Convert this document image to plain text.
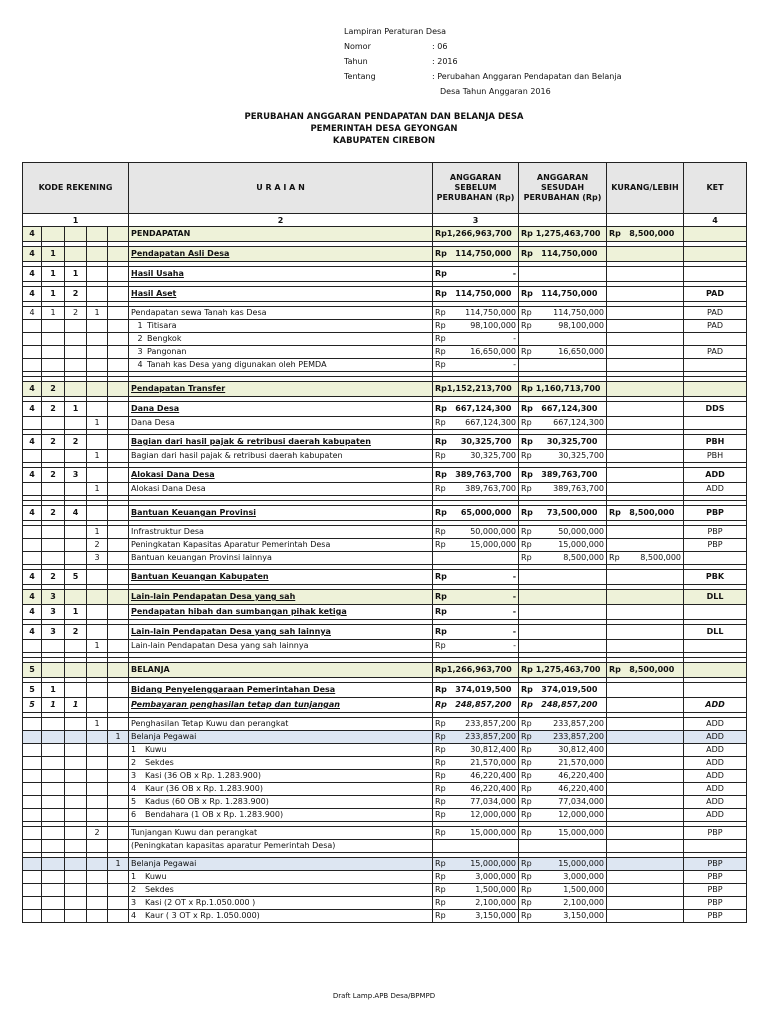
Lampiran Peraturan Desa
Nomor	: 06
Tahun	: 2016
Tentang	: Perubahan Anggaran Pendapatan dan Belanja
Desa Tahun Anggaran 2016
PERUBAHAN ANGGARAN PENDAPATAN DAN BELANJA DESA
PEMERINTAH DESA GEYONGAN
KABUPATEN CIREBON
KODE REKENING					U R A I A N	ANGGARAN SEBELUM PERUBAHAN (Rp)	ANGGARAN SESUDAH PERUBAHAN (Rp)	KURANG/LEBIH	KET
1					2	3			4
4					PENDAPATAN	Rp1,266,963,700	Rp 1,275,463,700	Rp   8,500,000	

4	1				Pendapatan Asli Desa	Rp   114,750,000	Rp   114,750,000		

4	1	1			Hasil Usaha	Rp -			

4	1	2			Hasil Aset	Rp   114,750,000	Rp   114,750,000		PAD

4	1	2	1		Pendapatan sewa Tanah kas Desa	Rp 114,750,000	Rp 114,750,000		PAD
					1 Titisara	Rp 98,100,000	Rp 98,100,000		PAD
					2 Bengkok	Rp -			

					3 Pangonan	Rp 16,650,000	Rp 16,650,000		PAD
					4 Tanah kas Desa yang digunakan oleh PEMDA	Rp -			

4	2				Pendapatan Transfer	Rp1,152,213,700	Rp 1,160,713,700		

4	2	1			Dana Desa	Rp   667,124,300	Rp   667,124,300		DDS
			1		Dana Desa	Rp 667,124,300	Rp 667,124,300		

4	2	2			Bagian dari hasil pajak & retribusi daerah kabupaten	Rp     30,325,700	Rp     30,325,700		PBH
			1		Bagian dari hasil pajak & retribusi daerah kabupaten	Rp 30,325,700	Rp 30,325,700		PBH

4	2	3			Alokasi Dana Desa	Rp   389,763,700	Rp   389,763,700		ADD
			1		Alokasi Dana Desa	Rp 389,763,700	Rp 389,763,700		ADD

4	2	4			Bantuan Keuangan Provinsi	Rp     65,000,000	Rp     73,500,000	Rp   8,500,000	PBP

			1		Infrastruktur Desa	Rp 50,000,000	Rp 50,000,000		PBP
			2		Peningkatan Kapasitas Aparatur Pemerintah Desa	Rp 15,000,000	Rp 15,000,000		PBP
			3		Bantuan keuangan Provinsi lainnya		Rp 8,500,000	Rp 8,500,000	

4	2	5			Bantuan Keuangan Kabupaten	Rp -			PBK

4	3				Lain-lain Pendapatan Desa yang sah	Rp -			DLL
4	3	1			Pendapatan hibah dan sumbangan pihak ketiga	Rp -			

4	3	2			Lain-lain Pendapatan Desa yang sah lainnya	Rp -			DLL
			1		Lain-lain Pendapatan Desa yang sah lainnya	Rp -			

5					BELANJA	Rp1,266,963,700	Rp 1,275,463,700	Rp   8,500,000	

5	1				Bidang Penyelenggaraan Pemerintahan Desa	Rp   374,019,500	Rp   374,019,500		
5	1	1			Pembayaran penghasilan tetap dan tunjangan	Rp   248,857,200	Rp   248,857,200		ADD

			1		Penghasilan Tetap Kuwu dan perangkat	Rp 233,857,200	Rp 233,857,200		ADD
				1	Belanja Pegawai	Rp 233,857,200	Rp 233,857,200		ADD
					1 Kuwu	Rp 30,812,400	Rp 30,812,400		ADD
					2 Sekdes	Rp 21,570,000	Rp 21,570,000		ADD
					3 Kasi (36 OB x Rp. 1.283.900)	Rp 46,220,400	Rp 46,220,400		ADD
					4 Kaur (36 OB x Rp. 1.283.900)	Rp 46,220,400	Rp 46,220,400		ADD
					5 Kadus (60 OB x Rp. 1.283.900)	Rp 77,034,000	Rp 77,034,000		ADD
					6 Bendahara (1 OB x Rp. 1.283.900)	Rp 12,000,000	Rp 12,000,000		ADD

			2		Tunjangan Kuwu dan perangkat	Rp 15,000,000	Rp 15,000,000		PBP
					(Peningkatan kapasitas aparatur Pemerintah Desa)				

				1	Belanja Pegawai	Rp 15,000,000	Rp 15,000,000		PBP
					1 Kuwu	Rp 3,000,000	Rp 3,000,000		PBP
					2 Sekdes	Rp 1,500,000	Rp 1,500,000		PBP
					3 Kasi (2 OT x Rp.1.050.000 )	Rp 2,100,000	Rp 2,100,000		PBP
					4 Kaur ( 3 OT x Rp. 1.050.000)	Rp 3,150,000	Rp 3,150,000		PBP
Draft Lamp.APB Desa/BPMPD
